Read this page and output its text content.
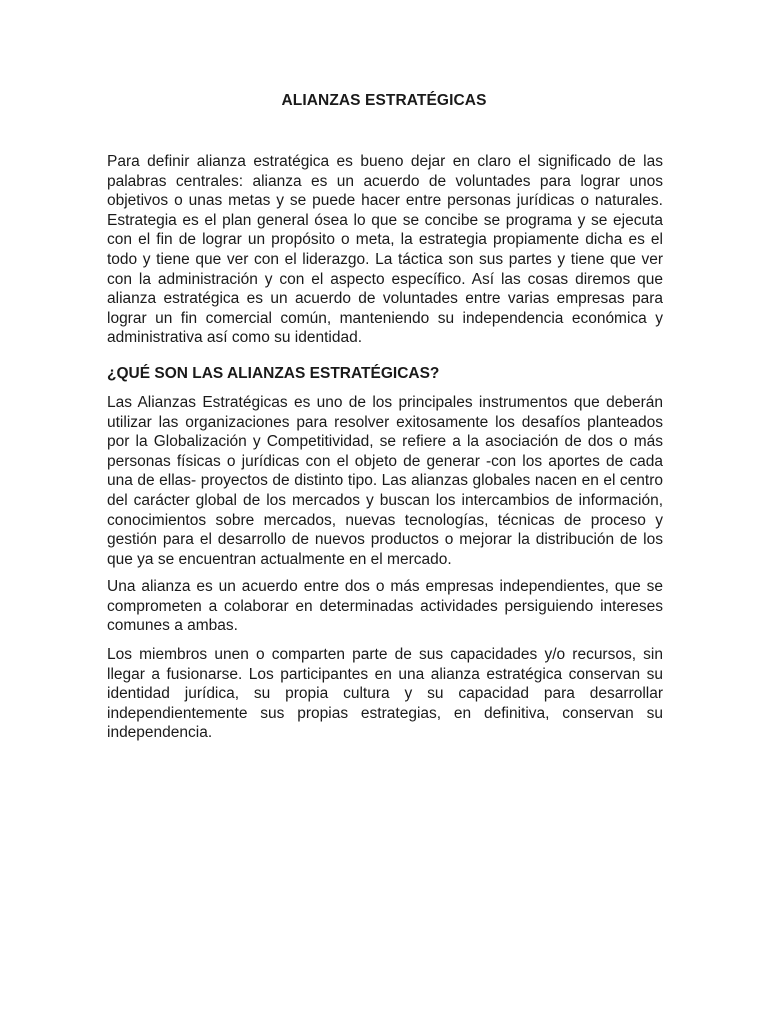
ALIANZAS ESTRATÉGICAS

Para definir alianza estratégica es bueno dejar en claro el significado de las palabras centrales: alianza es un acuerdo de voluntades para lograr unos objetivos o unas metas y se puede hacer entre personas jurídicas o naturales. Estrategia es el plan general ósea lo que se concibe se programa y se ejecuta con el fin de lograr un propósito o meta, la estrategia propiamente dicha es el todo y tiene que ver con el liderazgo. La táctica son sus partes y tiene que ver con la administración y con el aspecto específico. Así las cosas diremos que alianza estratégica es un acuerdo de voluntades entre varias empresas para lograr un fin comercial común, manteniendo su independencia económica y administrativa así como su identidad.

¿QUÉ SON LAS ALIANZAS ESTRATÉGICAS?

Las Alianzas Estratégicas es uno de los principales instrumentos que deberán utilizar las organizaciones para resolver exitosamente los desafíos planteados por la Globalización y Competitividad, se refiere a la asociación de dos o más personas físicas o jurídicas con el objeto de generar -con los aportes de cada una de ellas- proyectos de distinto tipo. Las alianzas globales nacen en el centro del carácter global de los mercados y buscan los intercambios de información, conocimientos sobre mercados, nuevas tecnologías, técnicas de proceso y gestión para el desarrollo de nuevos productos o mejorar la distribución de los que ya se encuentran actualmente en el mercado.

Una alianza es un acuerdo entre dos o más empresas independientes, que se comprometen a colaborar en determinadas actividades persiguiendo intereses comunes a ambas.

Los miembros unen o comparten parte de sus capacidades y/o recursos, sin llegar a fusionarse. Los participantes en una alianza estratégica conservan su identidad jurídica, su propia cultura y su capacidad para desarrollar independientemente sus propias estrategias, en definitiva, conservan su independencia.
